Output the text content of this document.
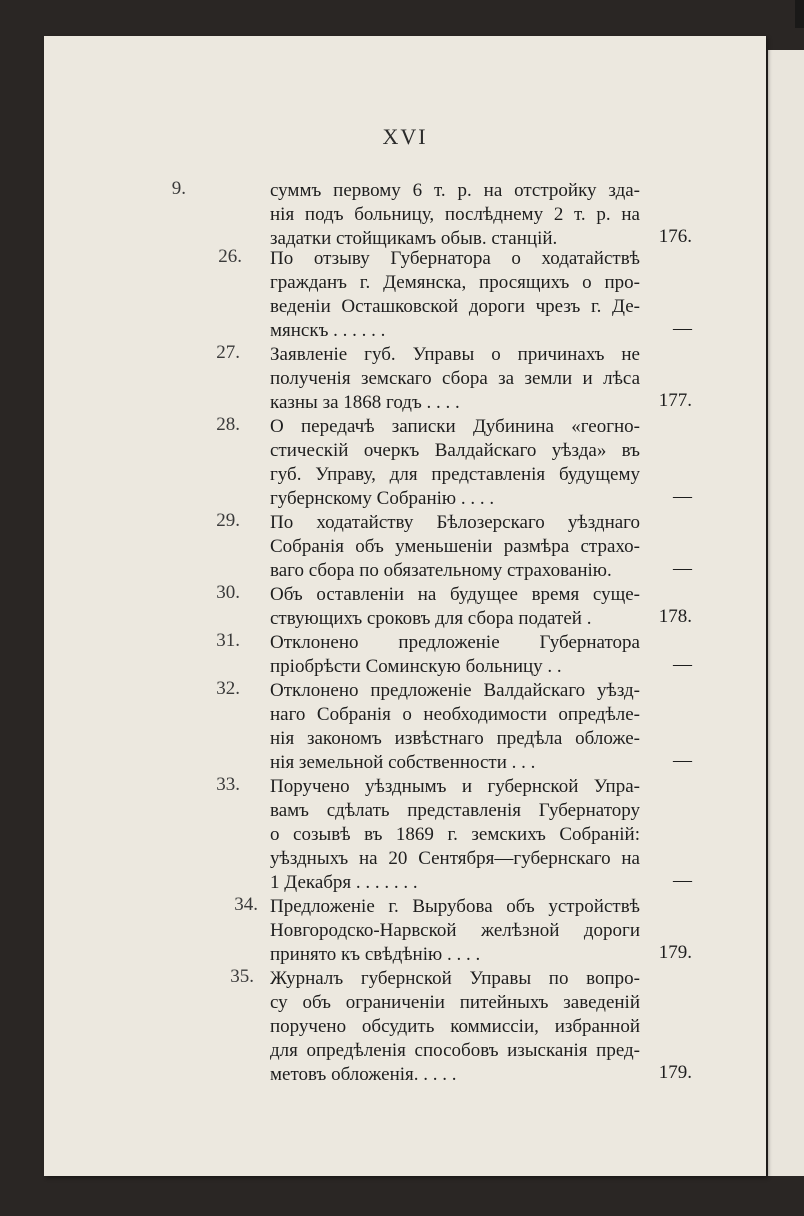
XVI
9.	суммъ первому 6 т. р. на отстройку зда-
нія подъ больницу, послѣднему 2 т. р. на
задатки стойщикамъ обыв. станцій.	176.
26. По отзыву Губернатора о ходатайствѣ
гражданъ г. Демянска, просящихъ о про-
веденіи Осташковской дороги чрезъ г. Де-
мянскъ . . . . . .	—
27. Заявленіе губ. Управы о причинахъ не
полученія земскаго сбора за земли и лѣса
казны за 1868 годъ . . . .	177.
28. О передачѣ записки Дубинина «геогно-
стическій очеркъ Валдайскаго уѣзда» въ
губ. Управу, для представленія будущему
губернскому Собранію . . . .	—
29. По ходатайству Бѣлозерскаго уѣзднаго
Собранія объ уменьшеніи размѣра страхо-
ваго сбора по обязательному страхованію.	—
30. Объ оставленіи на будущее время суще-
ствующихъ сроковъ для сбора податей .	178.
31. Отклонено предложеніе Губернатора
пріобрѣсти Соминскую больницу . .	—
32. Отклонено предложеніе Валдайскаго уѣзд-
наго Собранія о необходимости опредѣле-
нія закономъ извѣстнаго предѣла обложе-
нія земельной собственности . . .	—
33. Поручено уѣзднымъ и губернской Упра-
вамъ сдѣлать представленія Губернатору
о созывѣ въ 1869 г. земскихъ Собраній:
уѣздныхъ на 20 Сентября—губернскаго на
1 Декабря . . . . . . .	—
34. Предложеніе г. Вырубова объ устройствѣ
Новгородско-Нарвской желѣзной дороги
принято къ свѣдѣнію . . . .	179.
35. Журналъ губернской Управы по вопро-
су объ ограниченіи питейныхъ заведеній
поручено обсудить коммиссіи, избранной
для опредѣленія способовъ изысканія пред-
метовъ обложенія. . . . .	179.
